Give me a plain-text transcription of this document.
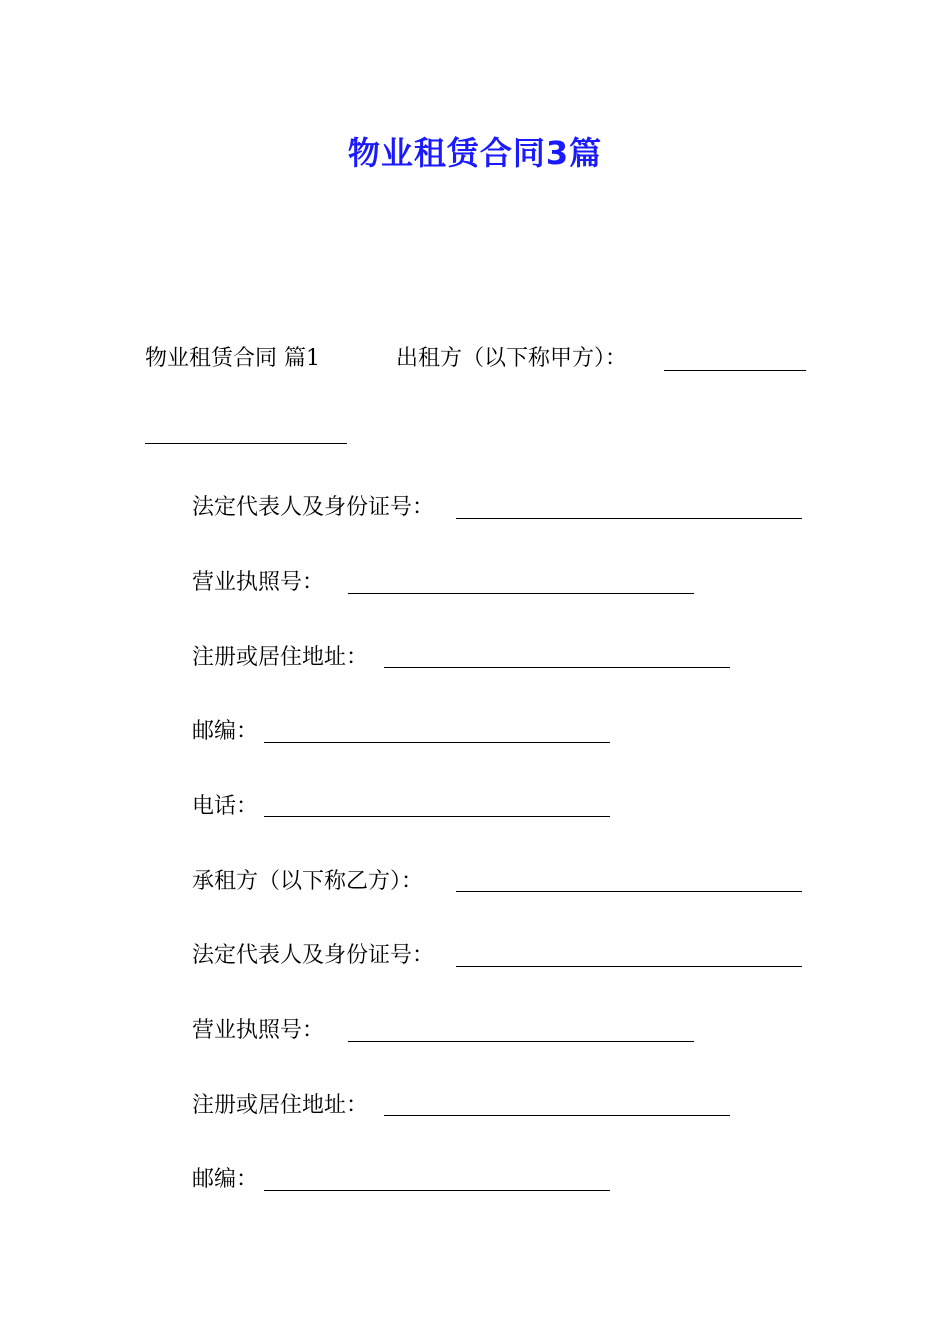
物业租赁合同3篇
物业租赁合同 篇1	出租方（以下称甲方）：
法定代表人及身份证号：
营业执照号：
注册或居住地址：
邮编：
电话：
承租方（以下称乙方）：
法定代表人及身份证号：
营业执照号：
注册或居住地址：
邮编：
